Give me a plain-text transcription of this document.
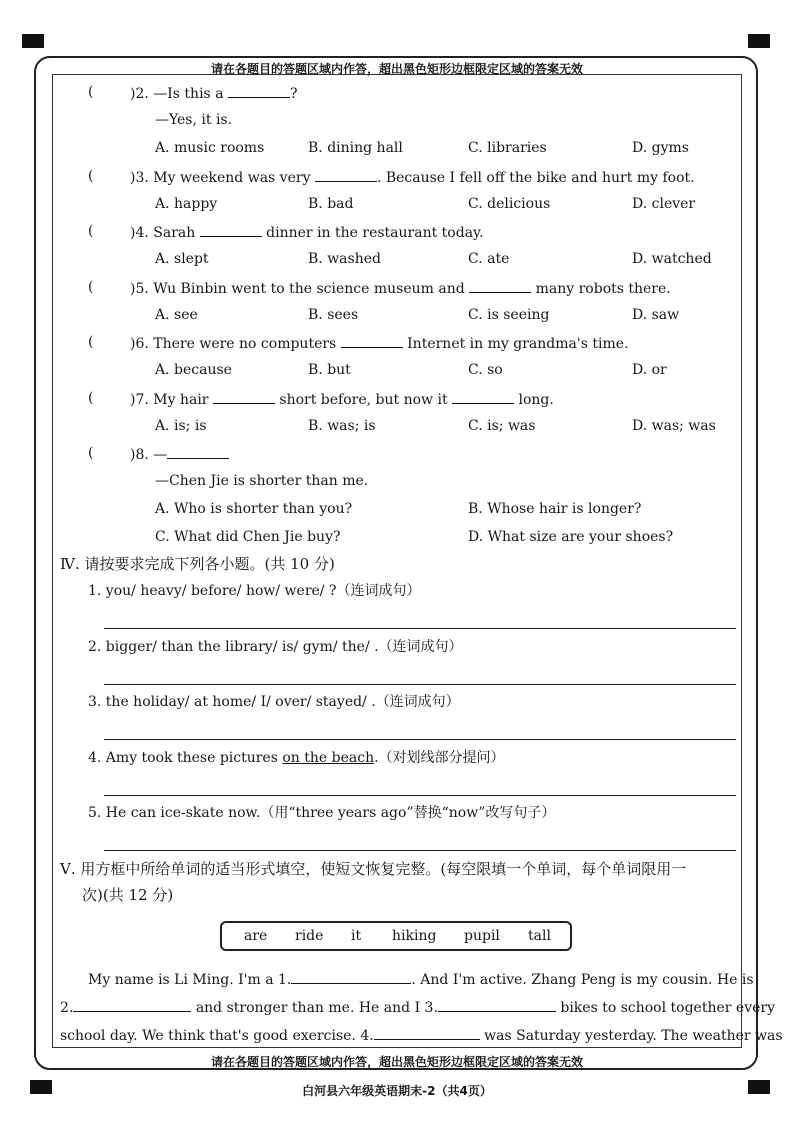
请在各题目的答题区域内作答，超出黑色矩形边框限定区域的答案无效
请在各题目的答题区域内作答，超出黑色矩形边框限定区域的答案无效
白河县六年级英语期末-2（共4页）
(	)2. —Is this a	?
—Yes, it is.
A. music rooms	B. dining hall	C. libraries	D. gyms
(	)3. My weekend was very	. Because I fell off the bike and hurt my foot.
A. happy	B. bad	C. delicious	D. clever
(	)4. Sarah	dinner in the restaurant today.
A. slept	B. washed	C. ate	D. watched
(	)5. Wu Binbin went to the science museum and	many robots there.
A. see	B. sees	C. is seeing	D. saw
(	)6. There were no computers	Internet in my grandma's time.
A. because	B. but	C. so	D. or
(	)7. My hair	short before, but now it	long.
A. is; is	B. was; is	C. is; was	D. was; was
(	)8. —
—Chen Jie is shorter than me.
A. Who is shorter than you?	B. Whose hair is longer?
C. What did Chen Jie buy?	D. What size are your shoes?
Ⅳ. 请按要求完成下列各小题。(共 10 分)
1. you/ heavy/ before/ how/ were/ ?（连词成句）
2. bigger/ than the library/ is/ gym/ the/ .（连词成句）
3. the holiday/ at home/ I/ over/ stayed/ .（连词成句）
4. Amy took these pictures on the beach.（对划线部分提问）
5. He can ice-skate now.（用“three years ago”替换“now”改写句子）
Ⅴ. 用方框中所给单词的适当形式填空，使短文恢复完整。(每空限填一个单词，每个单词限用一
次)(共 12 分)
are ride it hiking pupil tall
My name is Li Ming. I'm a 1.	. And I'm active. Zhang Peng is my cousin. He is
2.	and stronger than me. He and I 3.	bikes to school together every
school day. We think that's good exercise. 4.	was Saturday yesterday. The weather was
